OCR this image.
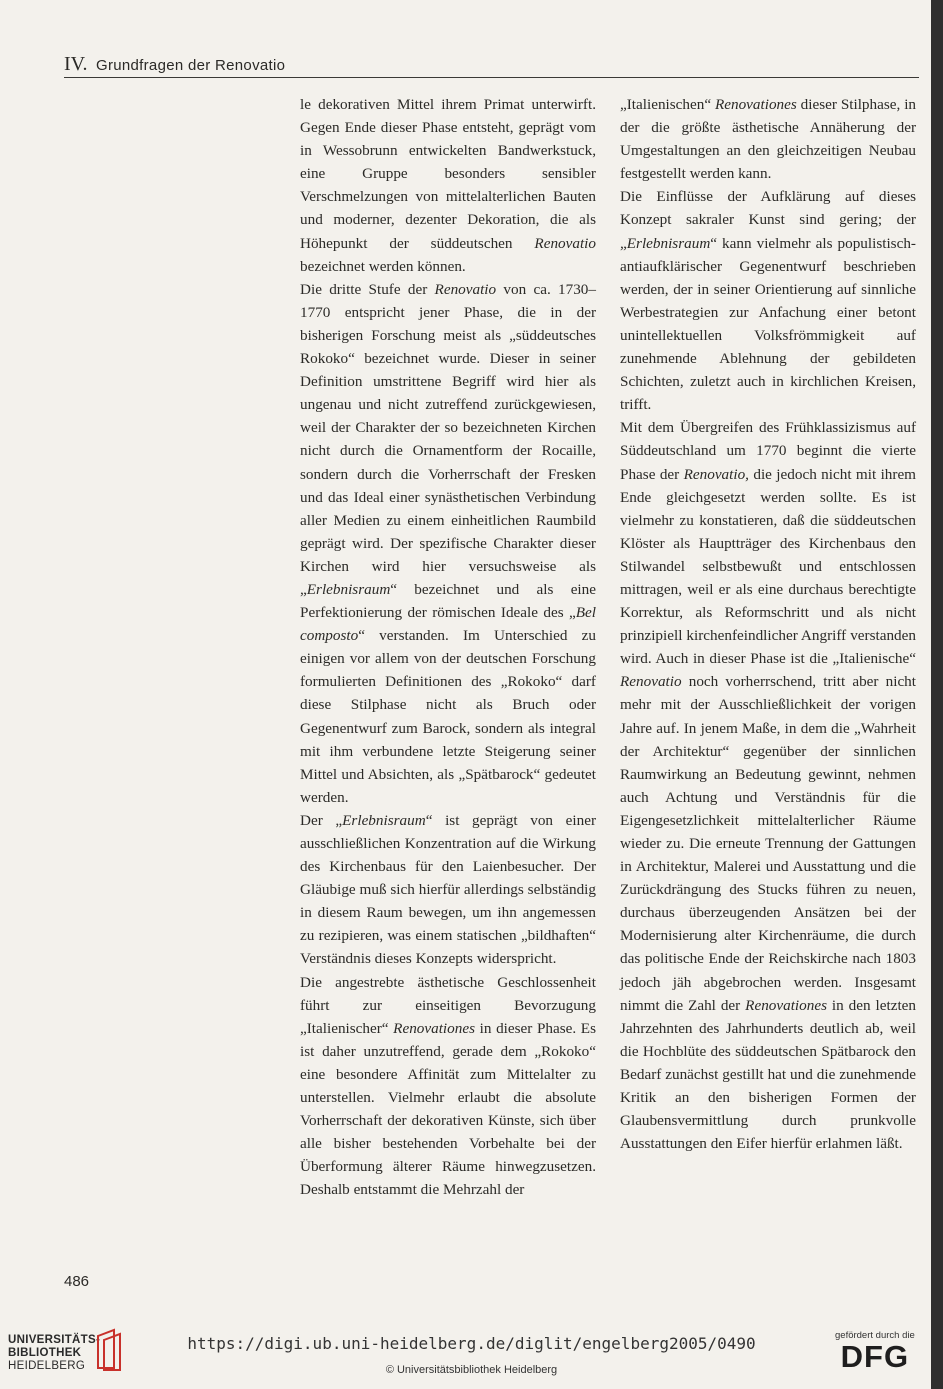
IV. Grundfragen der Renovatio

le dekorativen Mittel ihrem Primat unterwirft. Gegen Ende dieser Phase entsteht, geprägt vom in Wessobrunn entwickelten Bandwerkstuck, eine Gruppe besonders sensibler Verschmelzungen von mittelalterlichen Bauten und moderner, dezenter Dekoration, die als Höhepunkt der süddeutschen Renovatio bezeichnet werden können.

Die dritte Stufe der Renovatio von ca. 1730–1770 entspricht jener Phase, die in der bisherigen Forschung meist als „süddeutsches Rokoko“ bezeichnet wurde. Dieser in seiner Definition umstrittene Begriff wird hier als ungenau und nicht zutreffend zurückgewiesen, weil der Charakter der so bezeichneten Kirchen nicht durch die Ornamentform der Rocaille, sondern durch die Vorherrschaft der Fresken und das Ideal einer synästhetischen Verbindung aller Medien zu einem einheitlichen Raumbild geprägt wird. Der spezifische Charakter dieser Kirchen wird hier versuchsweise als „Erlebnisraum“ bezeichnet und als eine Perfektionierung der römischen Ideale des „Bel composto“ verstanden. Im Unterschied zu einigen vor allem von der deutschen Forschung formulierten Definitionen des „Rokoko“ darf diese Stilphase nicht als Bruch oder Gegenentwurf zum Barock, sondern als integral mit ihm verbundene letzte Steigerung seiner Mittel und Absichten, als „Spätbarock“ gedeutet werden.

Der „Erlebnisraum“ ist geprägt von einer ausschließlichen Konzentration auf die Wirkung des Kirchenbaus für den Laienbesucher. Der Gläubige muß sich hierfür allerdings selbständig in diesem Raum bewegen, um ihn angemessen zu rezipieren, was einem statischen „bildhaften“ Verständnis dieses Konzepts widerspricht.

Die angestrebte ästhetische Geschlossenheit führt zur einseitigen Bevorzugung „Italienischer“ Renovationes in dieser Phase. Es ist daher unzutreffend, gerade dem „Rokoko“ eine besondere Affinität zum Mittelalter zu unterstellen. Vielmehr erlaubt die absolute Vorherrschaft der dekorativen Künste, sich über alle bisher bestehenden Vorbehalte bei der Überformung älterer Räume hinwegzusetzen. Deshalb entstammt die Mehrzahl der

„Italienischen“ Renovationes dieser Stilphase, in der die größte ästhetische Annäherung der Umgestaltungen an den gleichzeitigen Neubau festgestellt werden kann.

Die Einflüsse der Aufklärung auf dieses Konzept sakraler Kunst sind gering; der „Erlebnisraum“ kann vielmehr als populistisch-antiaufklärischer Gegenentwurf beschrieben werden, der in seiner Orientierung auf sinnliche Werbestrategien zur Anfachung einer betont unintellektuellen Volksfrömmigkeit auf zunehmende Ablehnung der gebildeten Schichten, zuletzt auch in kirchlichen Kreisen, trifft.

Mit dem Übergreifen des Frühklassizismus auf Süddeutschland um 1770 beginnt die vierte Phase der Renovatio, die jedoch nicht mit ihrem Ende gleichgesetzt werden sollte. Es ist vielmehr zu konstatieren, daß die süddeutschen Klöster als Hauptträger des Kirchenbaus den Stilwandel selbstbewußt und entschlossen mittragen, weil er als eine durchaus berechtigte Korrektur, als Reformschritt und als nicht prinzipiell kirchenfeindlicher Angriff verstanden wird. Auch in dieser Phase ist die „Italienische“ Renovatio noch vorherrschend, tritt aber nicht mehr mit der Ausschließlichkeit der vorigen Jahre auf. In jenem Maße, in dem die „Wahrheit der Architektur“ gegenüber der sinnlichen Raumwirkung an Bedeutung gewinnt, nehmen auch Achtung und Verständnis für die Eigengesetzlichkeit mittelalterlicher Räume wieder zu. Die erneute Trennung der Gattungen in Architektur, Malerei und Ausstattung und die Zurückdrängung des Stucks führen zu neuen, durchaus überzeugenden Ansätzen bei der Modernisierung alter Kirchenräume, die durch das politische Ende der Reichskirche nach 1803 jedoch jäh abgebrochen werden. Insgesamt nimmt die Zahl der Renovationes in den letzten Jahrzehnten des Jahrhunderts deutlich ab, weil die Hochblüte des süddeutschen Spätbarock den Bedarf zunächst gestillt hat und die zunehmende Kritik an den bisherigen Formen der Glaubensvermittlung durch prunkvolle Ausstattungen den Eifer hierfür erlahmen läßt.

486
UNIVERSITÄTS-
BIBLIOTHEK
HEIDELBERG
https://digi.ub.uni-heidelberg.de/diglit/engelberg2005/0490
© Universitätsbibliothek Heidelberg
gefördert durch die
DFG
